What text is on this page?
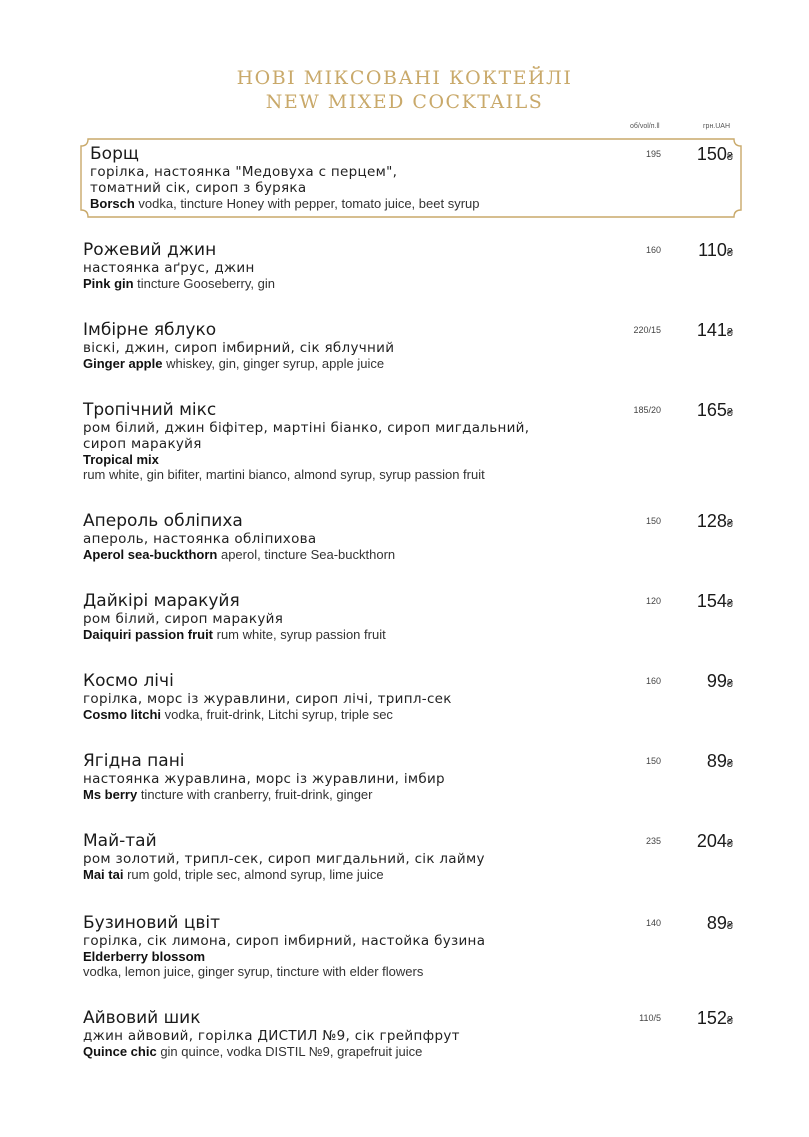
НОВІ МІКСОВАНІ КОКТЕЙЛІ
NEW MIXED COCKTAILS
об/vol/п.ll	грн.UAH
Борщ
горілка, настоянка "Медовуха с перцем",
томатний сік, сироп з буряка
Borsch vodka, tincture Honey with pepper, tomato juice, beet syrup
195	150₴
Рожевий джин
настоянка аґрус, джин
Pink gin tincture Gooseberry, gin
160	110₴
Імбірне яблуко
віскі, джин, сироп імбирний, сік яблучний
Ginger apple whiskey, gin, ginger syrup, apple juice
220/15	141₴
Тропічний мікс
ром білий, джин біфітер, мартіні біанко, сироп мигдальний,
сироп маракуйя
Tropical mix
rum white, gin bifiter, martini bianco, almond syrup, syrup passion fruit
185/20	165₴
Апероль обліпиха
апероль, настоянка обліпихова
Aperol sea-buckthorn aperol, tincture Sea-buckthorn
150	128₴
Дайкірі маракуйя
ром білий, сироп маракуйя
Daiquiri passion fruit rum white, syrup passion fruit
120	154₴
Космо лічі
горілка, морс із журавлини, сироп лічі, трипл-сек
Cosmo litchi vodka, fruit-drink, Litchi syrup, triple sec
160	99₴
Ягідна пані
настоянка журавлина, морс із журавлини, імбир
Ms berry tincture with cranberry, fruit-drink, ginger
150	89₴
Май-тай
ром золотий, трипл-сек, сироп мигдальний, сік лайму
Mai tai rum gold, triple sec, almond syrup, lime juice
235	204₴
Бузиновий цвіт
горілка, сік лимона, сироп імбирний, настойка бузина
Elderberry blossom
vodka, lemon juice, ginger syrup, tincture with elder flowers
140	89₴
Айвовий шик
джин айвовий, горілка ДИСТИЛ №9, сік грейпфрут
Quince chic gin quince, vodka DISTIL №9, grapefruit juice
110/5	152₴
